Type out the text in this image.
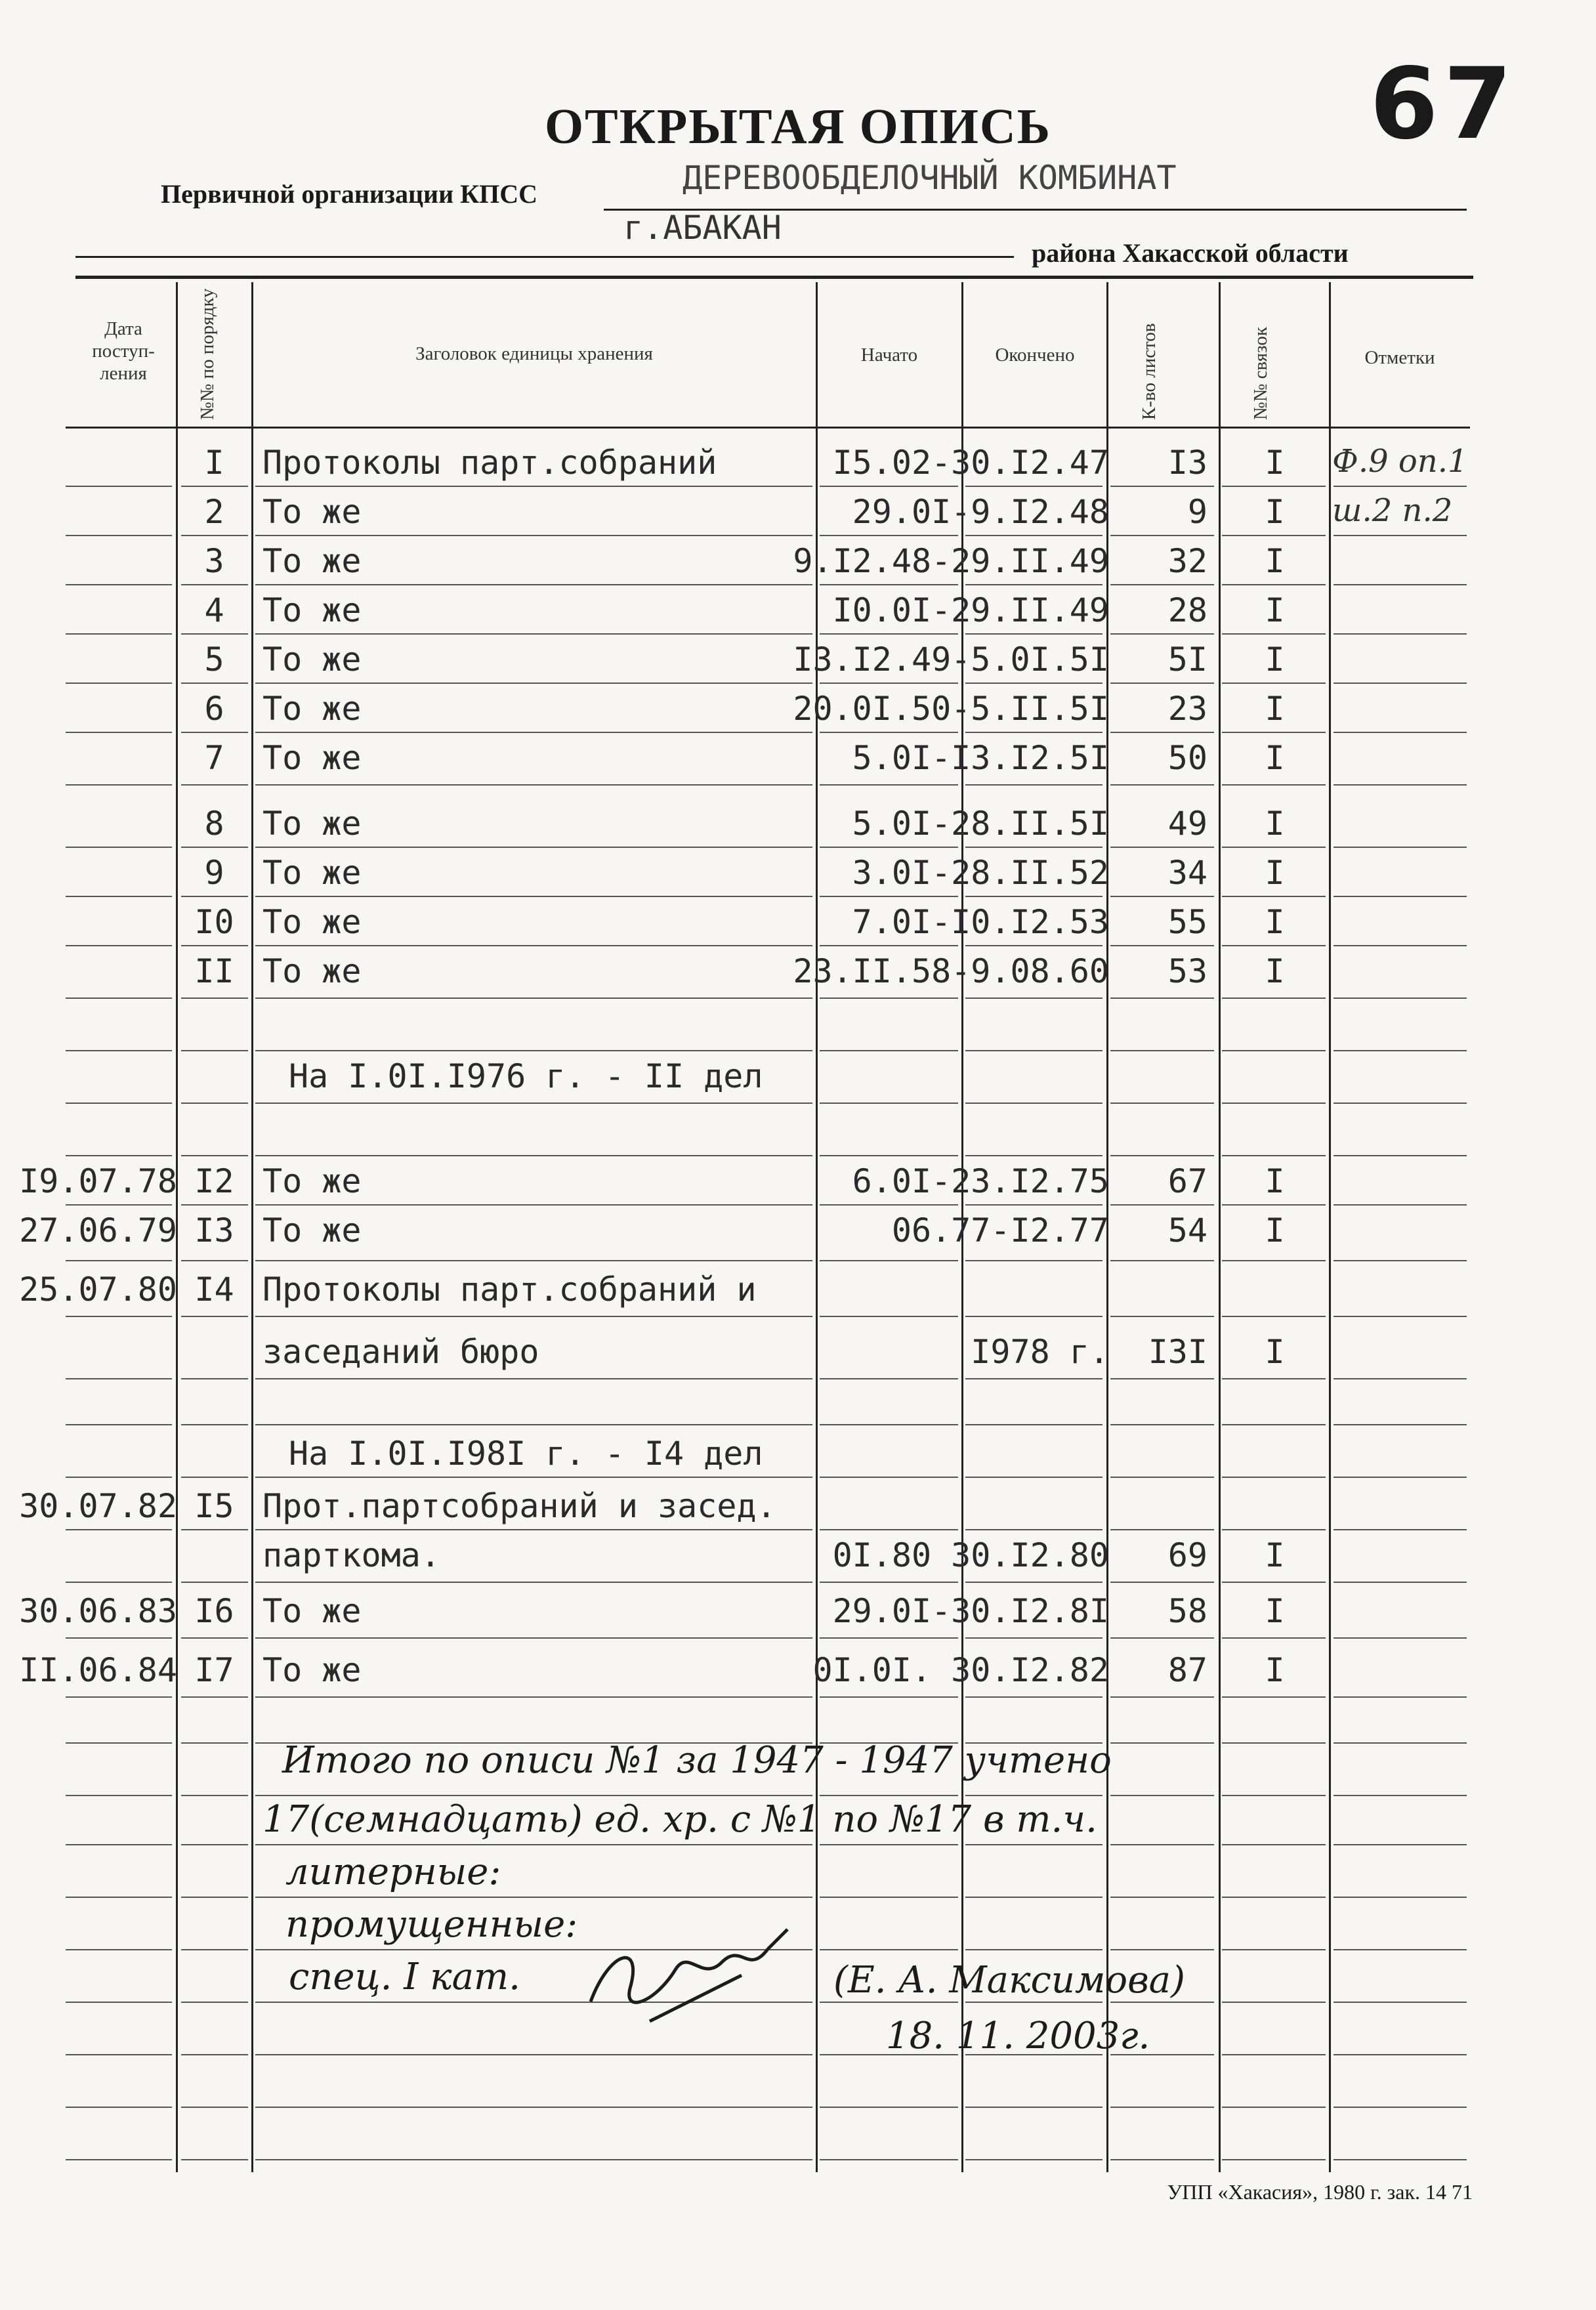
67
ОТКРЫТАЯ ОПИСЬ
Первичной организации КПСС	ДЕРЕВООБДЕЛОЧНЫЙ КОМБИНАТ
г.АБАКАН
района Хакасской области
Дата поступ- ления	№№ по порядку	Заголовок единицы хранения	Начато	Окончено	К-во листов	№№ связок	Отметки
I	Протоколы парт.собраний	I5.02-30.I2.47	I3	I	Ф.9 оп.1
2	То же	29.0I-9.I2.48	9	I	ш.2 п.2
3	То же	9.I2.48-29.II.49	32	I
4	То же	I0.0I-29.II.49	28	I
5	То же	I3.I2.49-5.0I.5I	5I	I
6	То же	20.0I.50-5.II.5I	23	I
7	То же	5.0I-I3.I2.5I	50	I
8	То же	5.0I-28.II.5I	49	I
9	То же	3.0I-28.II.52	34	I
I0 То же	7.0I-I0.I2.53	55	I
II То же	23.II.58-9.08.60	53	I
На I.0I.I976 г. - II дел
I9.07.78 I2 То же	6.0I-23.I2.75	67	I
27.06.79 I3 То же	06.77-I2.77	54	I
25.07.80 I4 Протоколы парт.собраний и
заседаний бюро	I978 г.	I3I	I
На I.0I.I98I г. - I4 дел
30.07.82 I5 Прот.партсобраний и засед.
парткома.	0I.80 30.I2.80	69	I
30.06.83 I6 То же	29.0I-30.I2.8I	58	I
II.06.84 I7 То же	0I.0I. 30.I2.82	87	I
Итого по описи №1 за 1947 - 1947 учтено
17(семнадцать) ед. хр. с №1 по №17 в т.ч.
литерные:
промущенные:
спец. I кат.	(Е. А. Максимова)
18. 11. 2003г.
УПП «Хакасия», 1980 г. зак. 14 71
